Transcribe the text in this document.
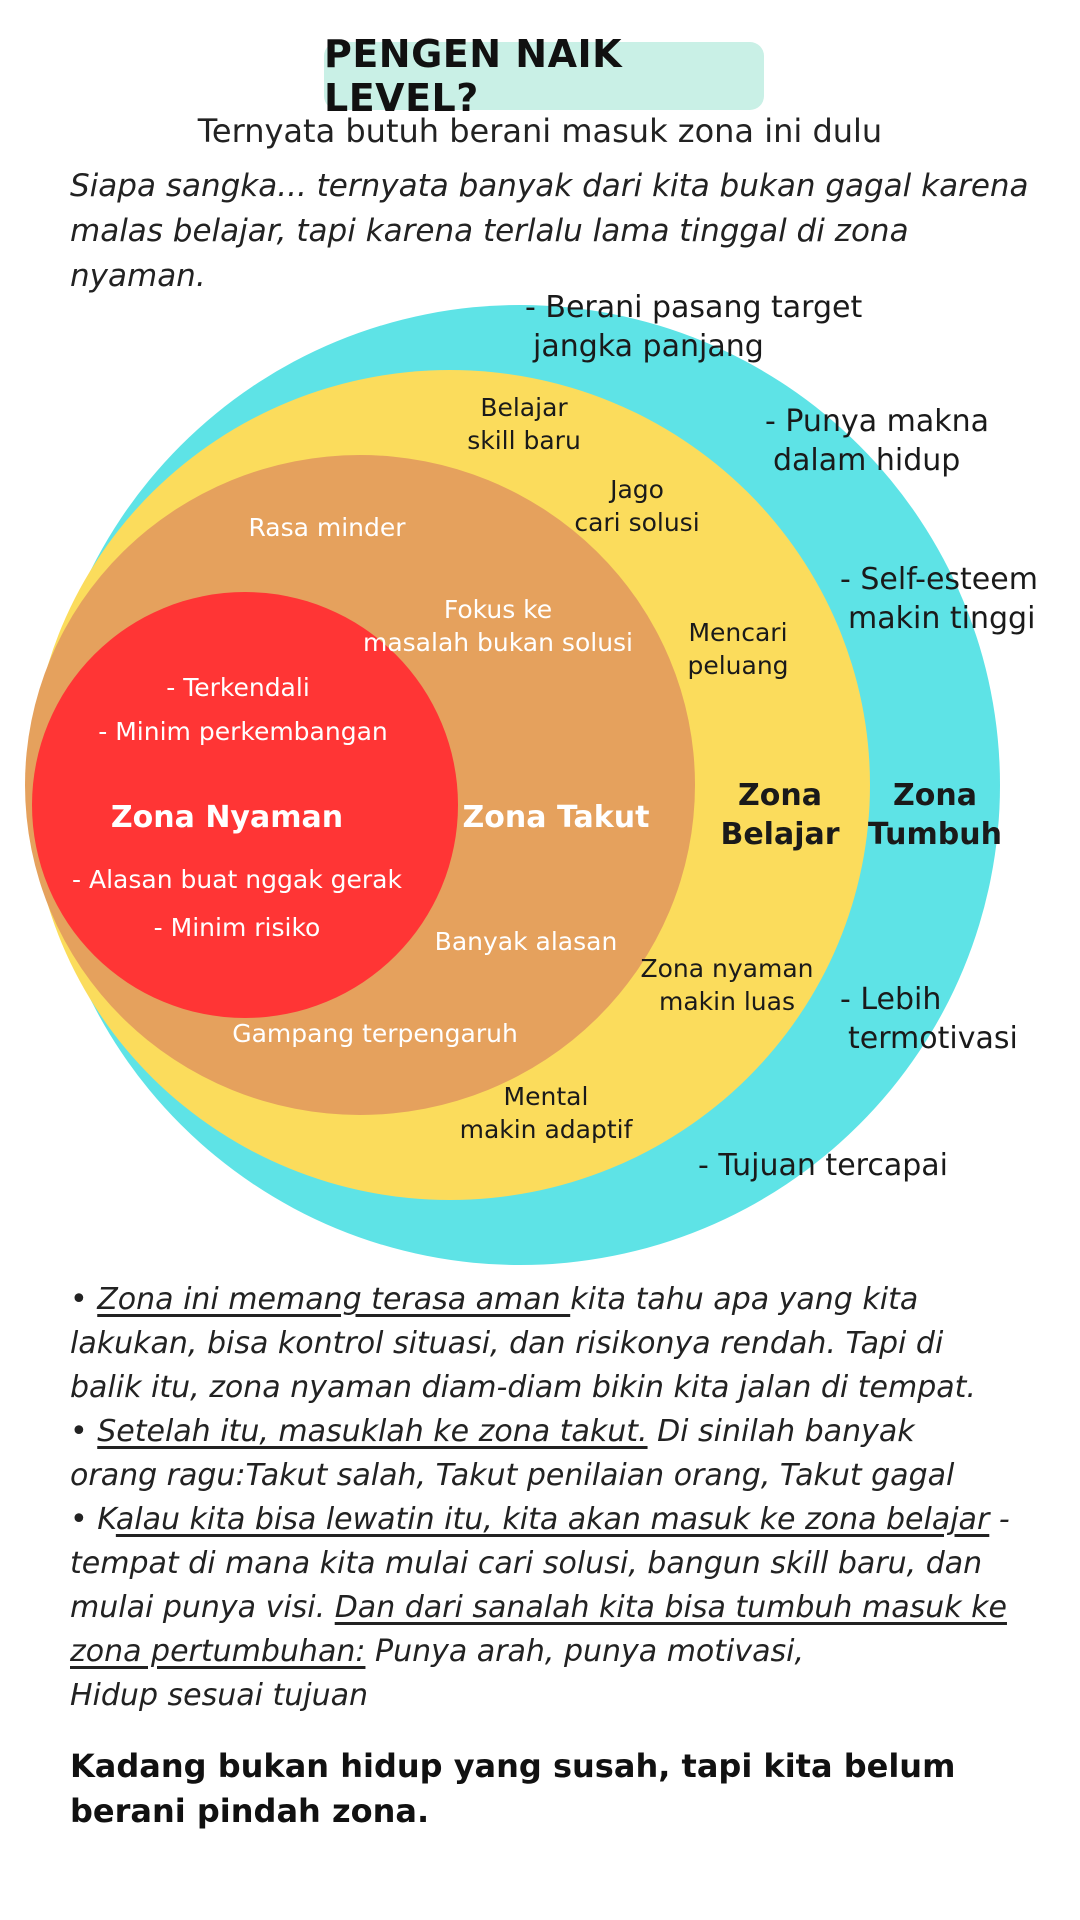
PENGEN NAIK LEVEL?
Ternyata butuh berani masuk zona ini dulu
Siapa sangka... ternyata banyak dari kita bukan gagal karena
malas belajar, tapi karena terlalu lama tinggal di zona nyaman.
- Berani pasang target
jangka panjang
- Punya makna
dalam hidup
- Self-esteem
makin tinggi
- Lebih
termotivasi
- Tujuan tercapai
Zona
Tumbuh
Belajar
skill baru
Jago
cari solusi
Mencari
peluang
Zona nyaman
makin luas
Mental
makin adaptif
Zona
Belajar
Rasa minder
Fokus ke
masalah bukan solusi
Banyak alasan
Gampang terpengaruh
Zona Takut
- Terkendali
- Minim perkembangan
Zona Nyaman
- Alasan buat nggak gerak
- Minim risiko

• Zona ini memang terasa aman kita tahu apa yang kita lakukan, bisa kontrol situasi, dan risikonya rendah. Tapi di balik itu, zona nyaman diam-diam bikin kita jalan di tempat.

• Setelah itu, masuklah ke zona takut. Di sinilah banyak orang ragu:Takut salah, Takut penilaian orang, Takut gagal

• Kalau kita bisa lewatin itu, kita akan masuk ke zona belajar - tempat di mana kita mulai cari solusi, bangun skill baru, dan mulai punya visi. Dan dari sanalah kita bisa tumbuh masuk ke zona pertumbuhan: Punya arah, punya motivasi,

Hidup sesuai tujuan

Kadang bukan hidup yang susah, tapi kita belum berani pindah zona.
